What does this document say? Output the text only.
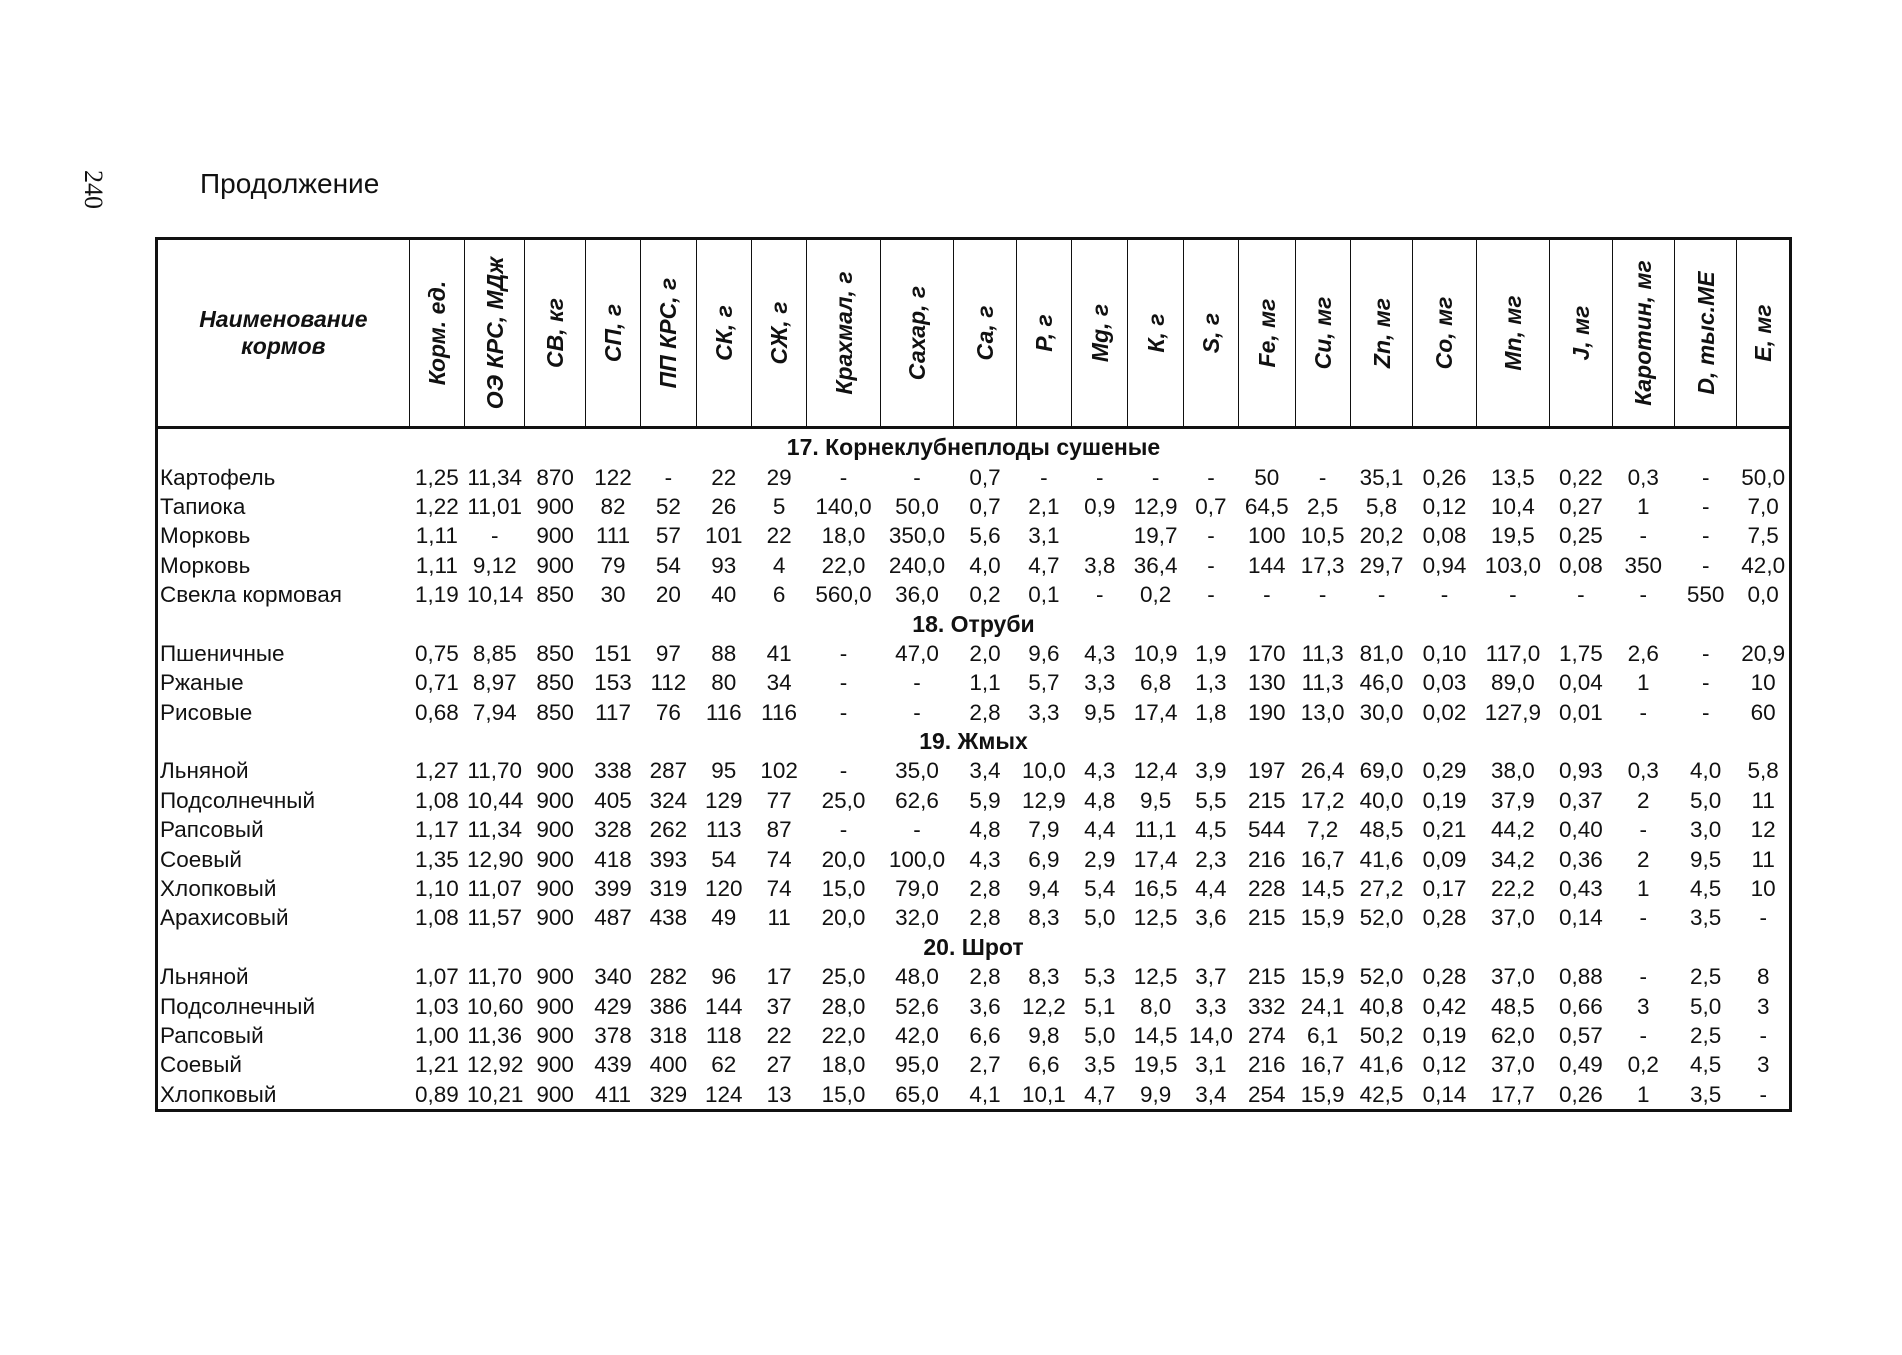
240	Продолжение
Наименование кормов	Корм. ед.	ОЭ КРС, МДж	СВ, кг	СП, г	ПП КРС, г	СК, г	СЖ, г	Крахмал, г	Сахар, г	Са, г	Р, г	Mg, г	К, г	S, г	Fe, мг	Cu, мг	Zn, мг	Со, мг	Mn, мг	J, мг	Каротин, мг	D, тыс.МЕ	Е, мг

17. Корнеклубнеплоды сушеные																							
Картофель	1,25	11,34	870	122	-	22	29	-	-	0,7	-	-	-	-	50	-	35,1	0,26	13,5	0,22	0,3	-	50,0
Тапиока	1,22	11,01	900	82	52	26	5	140,0	50,0	0,7	2,1	0,9	12,9	0,7	64,5	2,5	5,8	0,12	10,4	0,27	1	-	7,0
Морковь	1,11	-	900	111	57	101	22	18,0	350,0	5,6	3,1		19,7	-	100	10,5	20,2	0,08	19,5	0,25	-	-	7,5
Морковь	1,11	9,12	900	79	54	93	4	22,0	240,0	4,0	4,7	3,8	36,4	-	144	17,3	29,7	0,94	103,0	0,08	350	-	42,0
Свекла кормовая	1,19	10,14	850	30	20	40	6	560,0	36,0	0,2	0,1	-	0,2	-	-	-	-	-	-	-	-	550	0,0
18. Отруби																							
Пшеничные	0,75	8,85	850	151	97	88	41	-	47,0	2,0	9,6	4,3	10,9	1,9	170	11,3	81,0	0,10	117,0	1,75	2,6	-	20,9
Ржаные	0,71	8,97	850	153	112	80	34	-	-	1,1	5,7	3,3	6,8	1,3	130	11,3	46,0	0,03	89,0	0,04	1	-	10
Рисовые	0,68	7,94	850	117	76	116	116	-	-	2,8	3,3	9,5	17,4	1,8	190	13,0	30,0	0,02	127,9	0,01	-	-	60
19. Жмых																							
Льняной	1,27	11,70	900	338	287	95	102	-	35,0	3,4	10,0	4,3	12,4	3,9	197	26,4	69,0	0,29	38,0	0,93	0,3	4,0	5,8
Подсолнечный	1,08	10,44	900	405	324	129	77	25,0	62,6	5,9	12,9	4,8	9,5	5,5	215	17,2	40,0	0,19	37,9	0,37	2	5,0	11
Рапсовый	1,17	11,34	900	328	262	113	87	-	-	4,8	7,9	4,4	11,1	4,5	544	7,2	48,5	0,21	44,2	0,40	-	3,0	12
Соевый	1,35	12,90	900	418	393	54	74	20,0	100,0	4,3	6,9	2,9	17,4	2,3	216	16,7	41,6	0,09	34,2	0,36	2	9,5	11
Хлопковый	1,10	11,07	900	399	319	120	74	15,0	79,0	2,8	9,4	5,4	16,5	4,4	228	14,5	27,2	0,17	22,2	0,43	1	4,5	10
Арахисовый	1,08	11,57	900	487	438	49	11	20,0	32,0	2,8	8,3	5,0	12,5	3,6	215	15,9	52,0	0,28	37,0	0,14	-	3,5	-
20. Шрот																							
Льняной	1,07	11,70	900	340	282	96	17	25,0	48,0	2,8	8,3	5,3	12,5	3,7	215	15,9	52,0	0,28	37,0	0,88	-	2,5	8
Подсолнечный	1,03	10,60	900	429	386	144	37	28,0	52,6	3,6	12,2	5,1	8,0	3,3	332	24,1	40,8	0,42	48,5	0,66	3	5,0	3
Рапсовый	1,00	11,36	900	378	318	118	22	22,0	42,0	6,6	9,8	5,0	14,5	14,0	274	6,1	50,2	0,19	62,0	0,57	-	2,5	-
Соевый	1,21	12,92	900	439	400	62	27	18,0	95,0	2,7	6,6	3,5	19,5	3,1	216	16,7	41,6	0,12	37,0	0,49	0,2	4,5	3
Хлопковый	0,89	10,21	900	411	329	124	13	15,0	65,0	4,1	10,1	4,7	9,9	3,4	254	15,9	42,5	0,14	17,7	0,26	1	3,5	-
